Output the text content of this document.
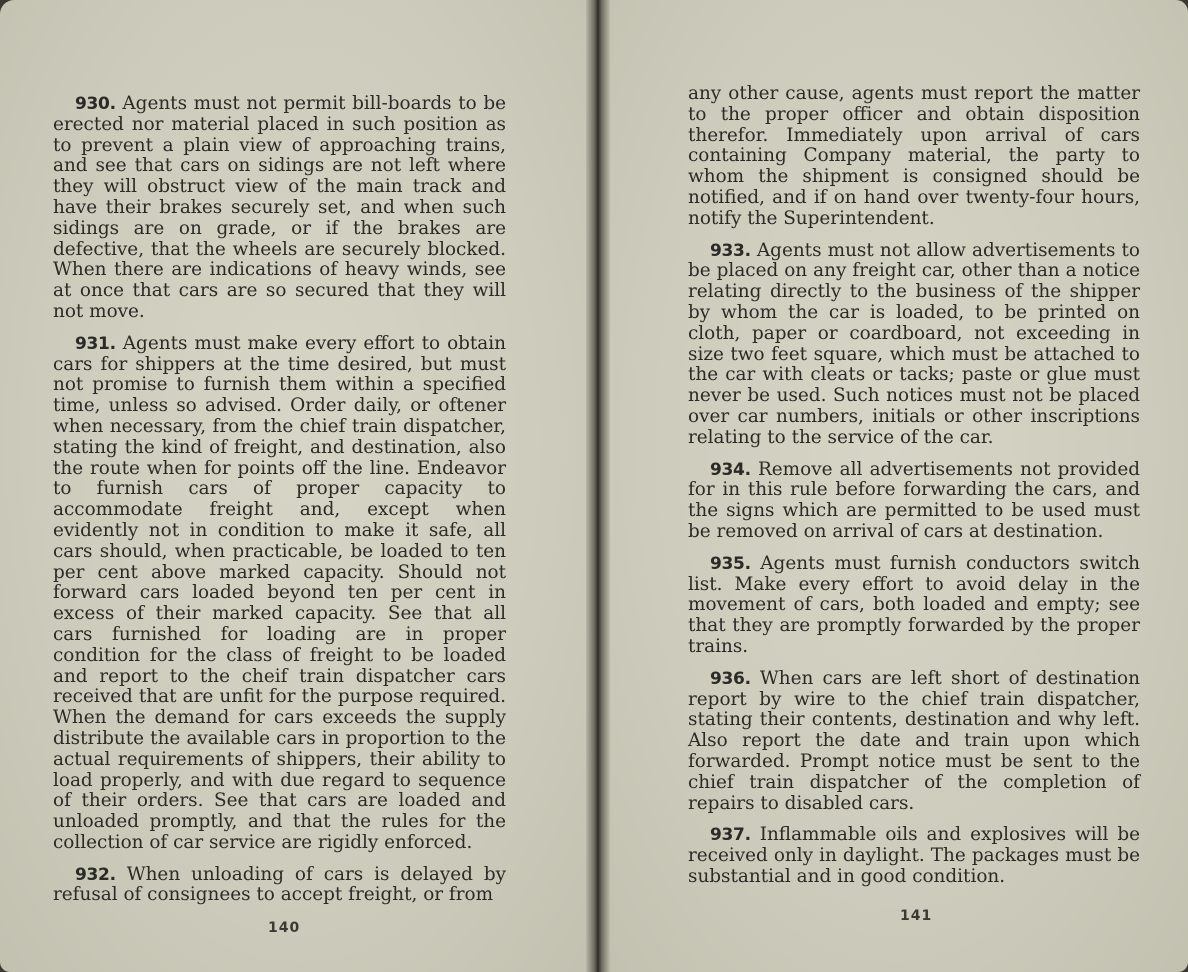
930. Agents must not permit bill-boards to be erected nor material placed in such position as to prevent a plain view of approaching trains, and see that cars on sidings are not left where they will obstruct view of the main track and have their brakes securely set, and when such sidings are on grade, or if the brakes are defective, that the wheels are securely blocked. When there are indications of heavy winds, see at once that cars are so secured that they will not move.

931. Agents must make every effort to obtain cars for shippers at the time desired, but must not promise to furnish them within a specified time, unless so advised. Order daily, or oftener when necessary, from the chief train dispatcher, stating the kind of freight, and destination, also the route when for points off the line. Endeavor to furnish cars of proper capacity to accommodate freight and, except when evidently not in condition to make it safe, all cars should, when practicable, be loaded to ten per cent above marked capacity. Should not forward cars loaded beyond ten per cent in excess of their marked capacity. See that all cars furnished for loading are in proper condition for the class of freight to be loaded and report to the cheif train dispatcher cars received that are unfit for the purpose required. When the demand for cars exceeds the supply distribute the available cars in proportion to the actual requirements of shippers, their ability to load properly, and with due regard to sequence of their orders. See that cars are loaded and unloaded promptly, and that the rules for the collection of car service are rigidly enforced.

932. When unloading of cars is delayed by refusal of consignees to accept freight, or from

140

any other cause, agents must report the matter to the proper officer and obtain disposition therefor. Immediately upon arrival of cars containing Company material, the party to whom the shipment is consigned should be notified, and if on hand over twenty-four hours, notify the Superintendent.

933. Agents must not allow advertisements to be placed on any freight car, other than a notice relating directly to the business of the shipper by whom the car is loaded, to be printed on cloth, paper or coardboard, not exceeding in size two feet square, which must be attached to the car with cleats or tacks; paste or glue must never be used. Such notices must not be placed over car numbers, initials or other inscriptions relating to the service of the car.

934. Remove all advertisements not provided for in this rule before forwarding the cars, and the signs which are permitted to be used must be removed on arrival of cars at destination.

935. Agents must furnish conductors switch list. Make every effort to avoid delay in the movement of cars, both loaded and empty; see that they are promptly forwarded by the proper trains.

936. When cars are left short of destination report by wire to the chief train dispatcher, stating their contents, destination and why left. Also report the date and train upon which forwarded. Prompt notice must be sent to the chief train dispatcher of the completion of repairs to disabled cars.

937. Inflammable oils and explosives will be received only in daylight. The packages must be substantial and in good condition.

141
